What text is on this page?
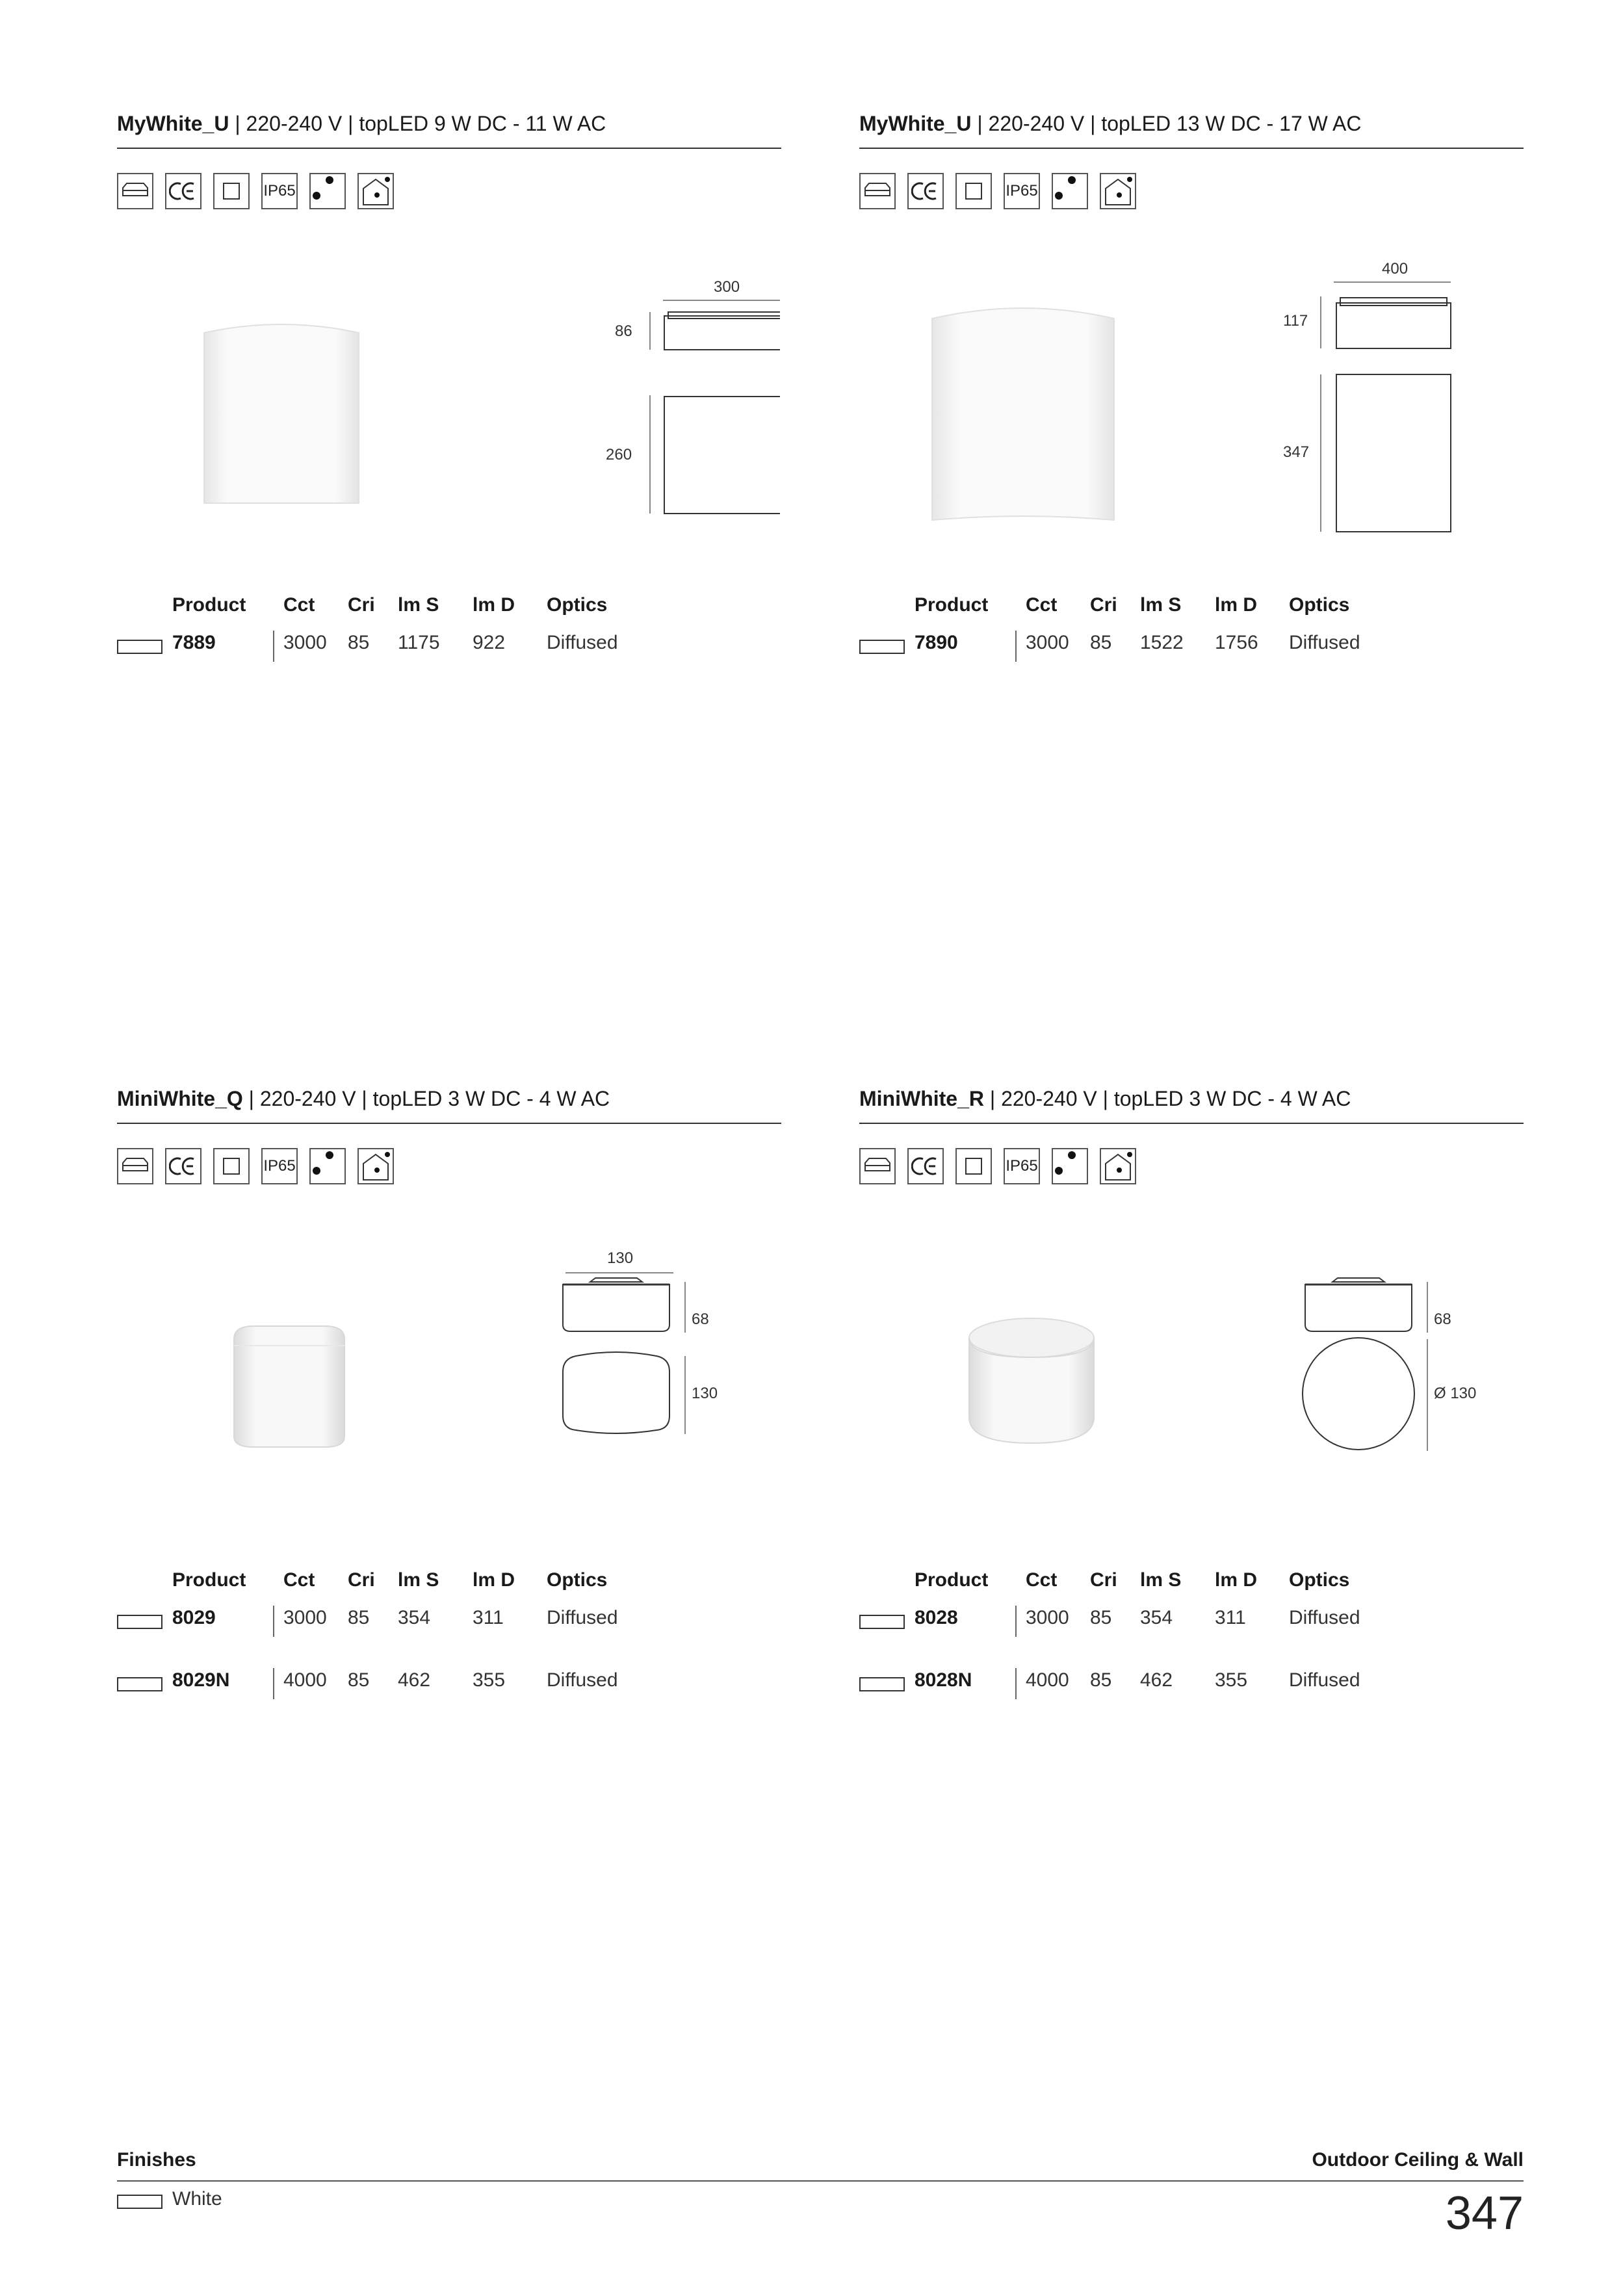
MyWhite_U | 220-240 V | topLED 9 W DC - 11 W AC
IP65
300
86
260
Product Cct Cri lm S lm D Optics
7889	3000 85 1175 922 Diffused
MyWhite_U | 220-240 V | topLED 13 W DC - 17 W AC
IP65
400
117
347
Product Cct Cri lm S lm D Optics
7890	3000 85 1522 1756 Diffused
MiniWhite_Q | 220-240 V | topLED 3 W DC - 4 W AC
IP65
130
68
130
Product Cct Cri lm S lm D Optics
8029	3000 85 354 311 Diffused
8029N	4000 85 462 355 Diffused
MiniWhite_R | 220-240 V | topLED 3 W DC - 4 W AC
IP65
68
Ø 130
Product Cct Cri lm S lm D Optics
8028	3000 85 354 311 Diffused
8028N	4000 85 462 355 Diffused
Finishes	Outdoor Ceiling & Wall
White	347
